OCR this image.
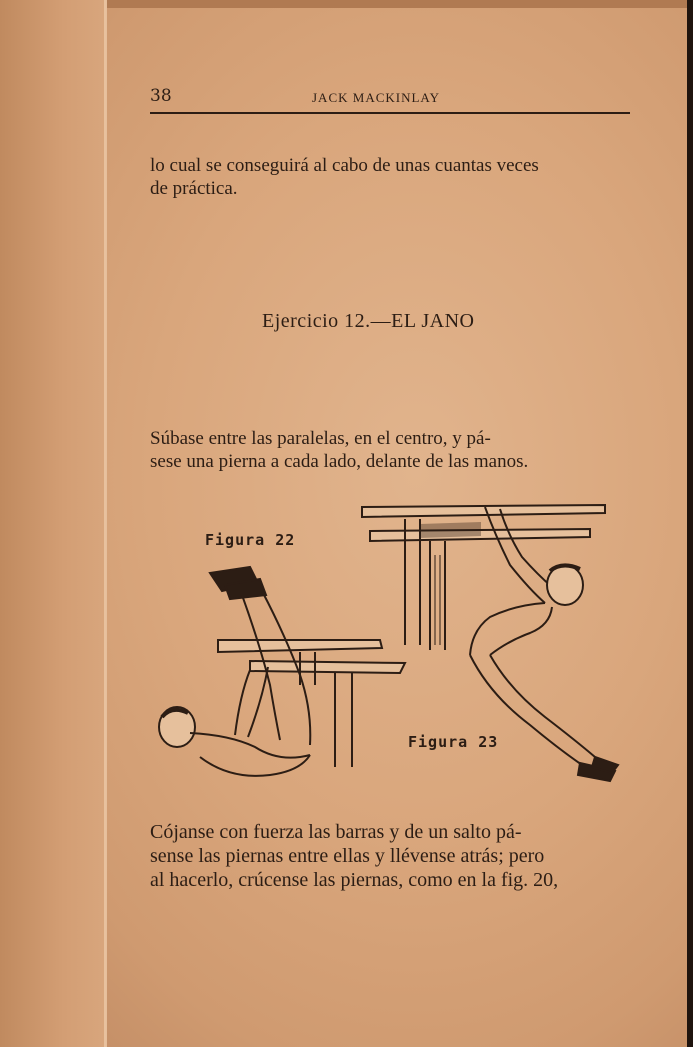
38	JACK MACKINLAY
lo cual se conseguirá al cabo de unas cuantas veces
de práctica.
Ejercicio 12.—EL JANO
Súbase entre las paralelas, en el centro, y pá-
sese una pierna a cada lado, delante de las manos.
Figura 22
Figura 23
Cójanse con fuerza las barras y de un salto pá-
sense las piernas entre ellas y llévense atrás; pero
al hacerlo, crúcense las piernas, como en la fig. 20,
